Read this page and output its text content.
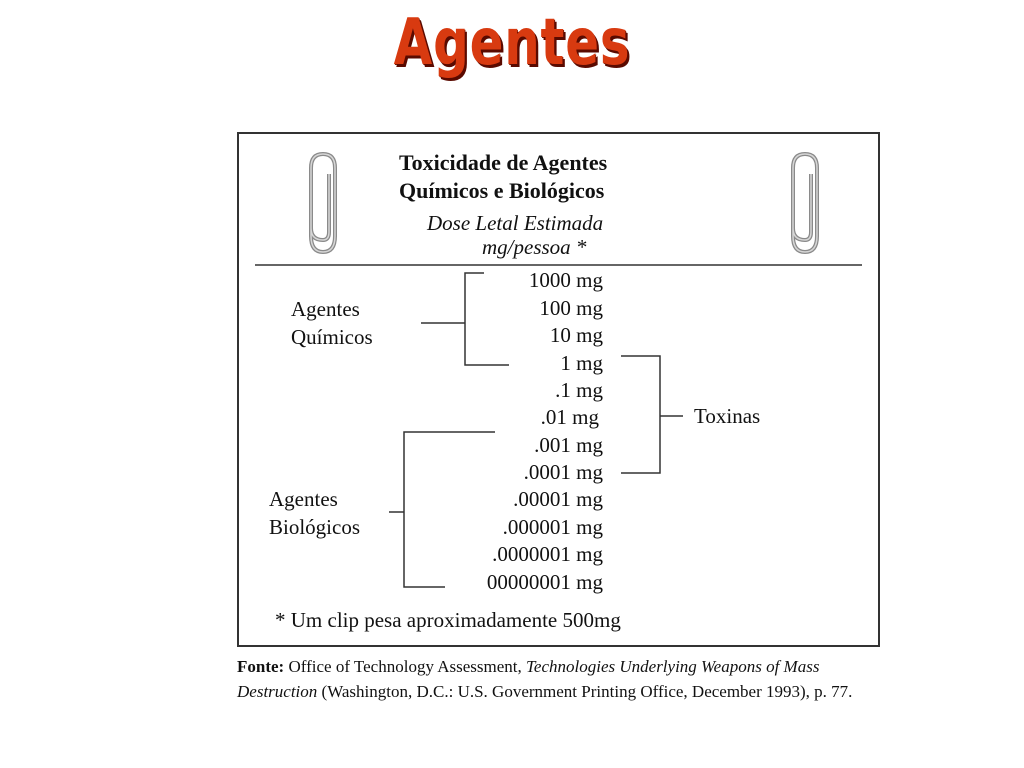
Agentes
Toxicidade de Agentes
Químicos e Biológicos
Dose Letal Estimada
mg/pessoa *
1000 mg
100 mg
10 mg
1 mg
.1 mg
.01 mg
.001 mg
.0001 mg
.00001 mg
.000001 mg
.0000001 mg
00000001 mg
Agentes
Químicos
Toxinas
Agentes
Biológicos
* Um clip pesa aproximadamente 500mg
Fonte: Office of Technology Assessment, Technologies Underlying Weapons of Mass Destruction (Washington, D.C.: U.S. Government Printing Office, December 1993), p. 77.
